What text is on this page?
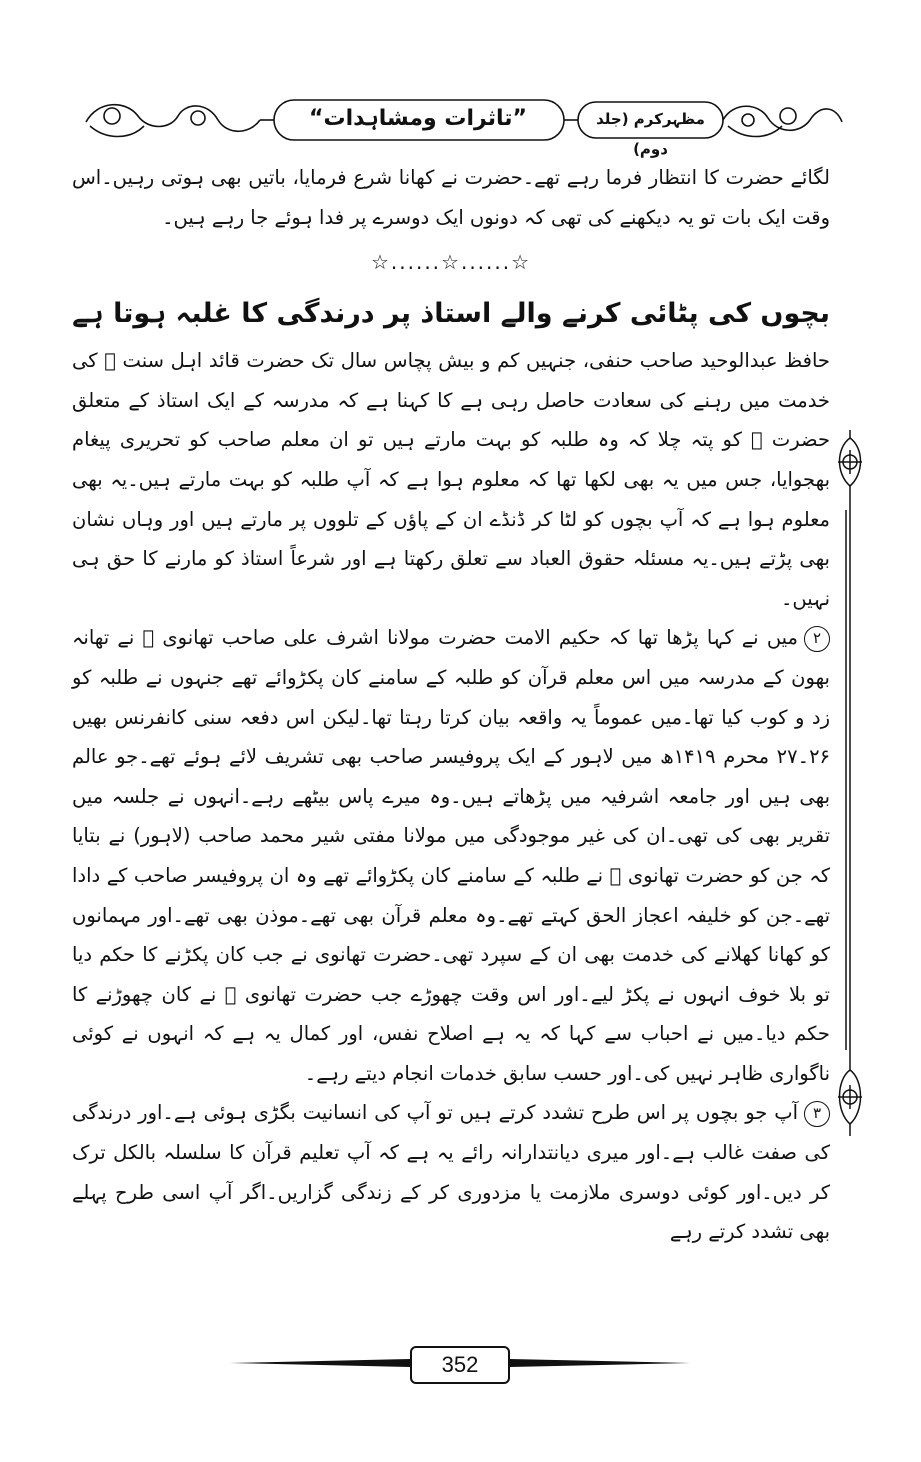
”تاثرات ومشاہدات“	مظہرکرم (جلد دوم)

لگائے حضرت کا انتظار فرما رہے تھے۔حضرت نے کھانا شرع فرمایا، باتیں بھی ہوتی رہیں۔اس وقت ایک بات تو یہ دیکھنے کی تھی کہ دونوں ایک دوسرے پر فدا ہوئے جا رہے ہیں۔

☆......☆......☆
بچوں کی پٹائی کرنے والے استاذ پر درندگی کا غلبہ ہوتا ہے

حافظ عبدالوحید صاحب حنفی، جنہیں کم و بیش پچاس سال تک حضرت قائد اہل سنت ﷫ کی خدمت میں رہنے کی سعادت حاصل رہی ہے کا کہنا ہے کہ مدرسہ کے ایک استاذ کے متعلق حضرت ﷫ کو پتہ چلا کہ وہ طلبہ کو بہت مارتے ہیں تو ان معلم صاحب کو تحریری پیغام بھجوایا، جس میں یہ بھی لکھا تھا کہ معلوم ہوا ہے کہ آپ طلبہ کو بہت مارتے ہیں۔یہ بھی معلوم ہوا ہے کہ آپ بچوں کو لٹا کر ڈنڈے ان کے پاؤں کے تلووں پر مارتے ہیں اور وہاں نشان بھی پڑتے ہیں۔یہ مسئلہ حقوق العباد سے تعلق رکھتا ہے اور شرعاً استاذ کو مارنے کا حق ہی نہیں۔

۲میں نے کہا پڑھا تھا کہ حکیم الامت حضرت مولانا اشرف علی صاحب تھانوی ﷫ نے تھانہ بھون کے مدرسہ میں اس معلم قرآن کو طلبہ کے سامنے کان پکڑوائے تھے جنہوں نے طلبہ کو زد و کوب کیا تھا۔میں عموماً یہ واقعہ بیان کرتا رہتا تھا۔لیکن اس دفعہ سنی کانفرنس بھیں ۲۶۔۲۷ محرم ۱۴۱۹ھ میں لاہور کے ایک پروفیسر صاحب بھی تشریف لائے ہوئے تھے۔جو عالم بھی ہیں اور جامعہ اشرفیہ میں پڑھاتے ہیں۔وہ میرے پاس بیٹھے رہے۔انہوں نے جلسہ میں تقریر بھی کی تھی۔ان کی غیر موجودگی میں مولانا مفتی شیر محمد صاحب (لاہور) نے بتایا کہ جن کو حضرت تھانوی ﷫ نے طلبہ کے سامنے کان پکڑوائے تھے وہ ان پروفیسر صاحب کے دادا تھے۔جن کو خلیفہ اعجاز الحق کہتے تھے۔وہ معلم قرآن بھی تھے۔موذن بھی تھے۔اور مہمانوں کو کھانا کھلانے کی خدمت بھی ان کے سپرد تھی۔حضرت تھانوی نے جب کان پکڑنے کا حکم دیا تو بلا خوف انہوں نے پکڑ لیے۔اور اس وقت چھوڑے جب حضرت تھانوی ﷫ نے کان چھوڑنے کا حکم دیا۔میں نے احباب سے کہا کہ یہ ہے اصلاح نفس، اور کمال یہ ہے کہ انہوں نے کوئی ناگواری ظاہر نہیں کی۔اور حسب سابق خدمات انجام دیتے رہے۔

۳آپ جو بچوں پر اس طرح تشدد کرتے ہیں تو آپ کی انسانیت بگڑی ہوئی ہے۔اور درندگی کی صفت غالب ہے۔اور میری دیانتدارانہ رائے یہ ہے کہ آپ تعلیم قرآن کا سلسلہ بالکل ترک کر دیں۔اور کوئی دوسری ملازمت یا مزدوری کر کے زندگی گزاریں۔اگر آپ اسی طرح پہلے بھی تشدد کرتے رہے

352
